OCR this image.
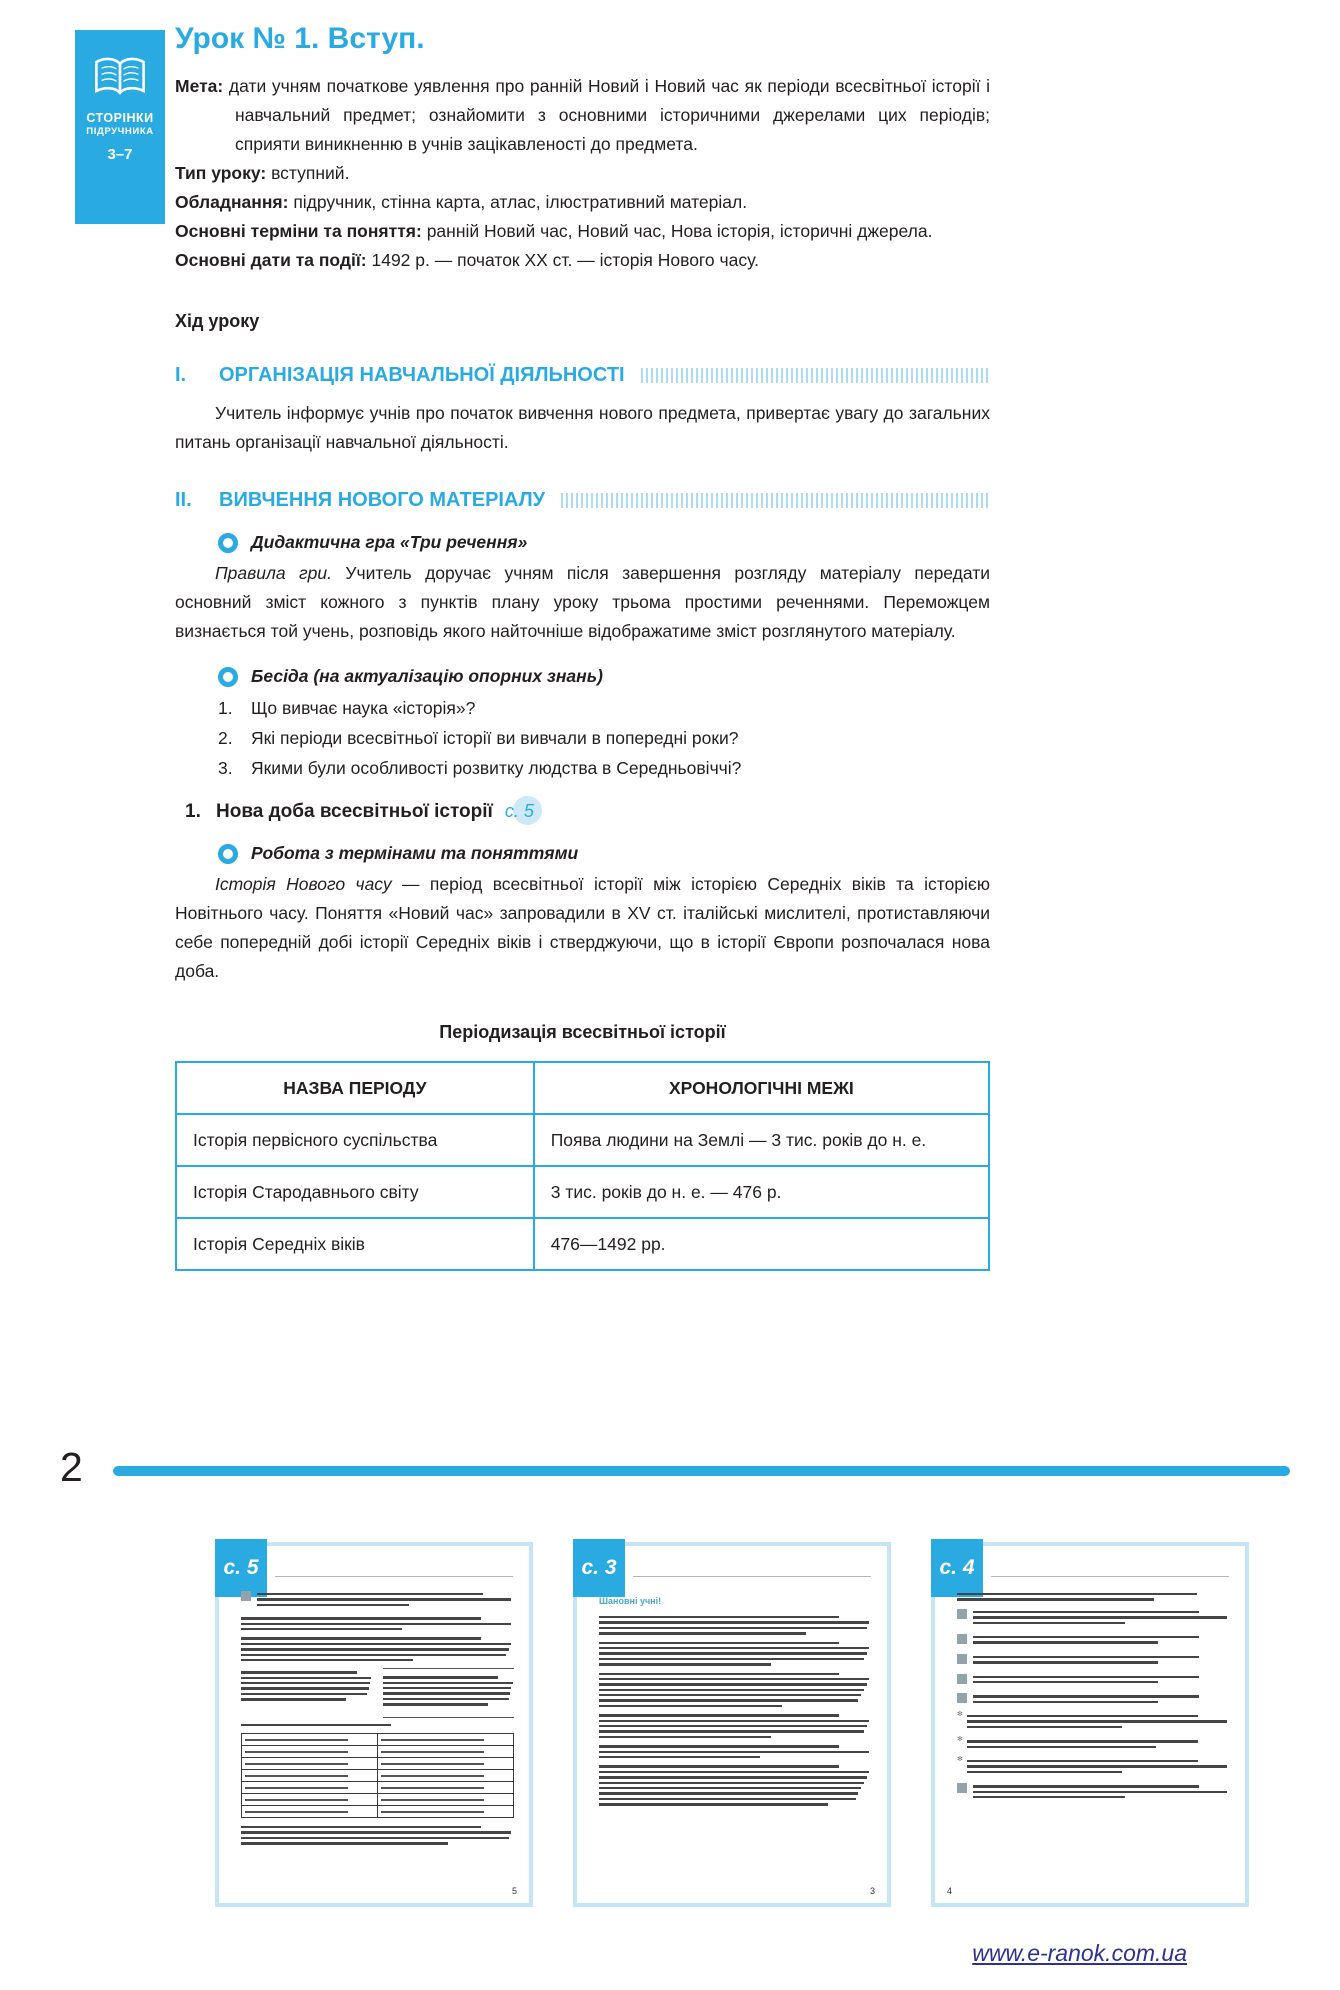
СТОРІНКИ
ПІДРУЧНИКА
3–7
Урок № 1. Вступ.
Мета: дати учням початкове уявлення про ранній Новий і Новий час як періоди всесвітньої історії і навчальний предмет; ознайомити з основними історичними джерелами цих періодів; сприяти виникненню в учнів зацікавленості до предмета.
Тип уроку: вступний.
Обладнання: підручник, стінна карта, атлас, ілюстративний матеріал.
Основні терміни та поняття: ранній Новий час, Новий час, Нова історія, історичні джерела.
Основні дати та події: 1492 р. — початок ХХ ст. — історія Нового часу.
Хід уроку
I.	ОРГАНІЗАЦІЯ НАВЧАЛЬНОЇ ДІЯЛЬНОСТІ

Учитель інформує учнів про початок вивчення нового предмета, привертає увагу до загальних питань організації навчальної діяльності.

II.	ВИВЧЕННЯ НОВОГО МАТЕРІАЛУ
Дидактична гра «Три речення»

Правила гри. Учитель доручає учням після завершення розгляду матеріалу передати основний зміст кожного з пунктів плану уроку трьома простими реченнями. Переможцем визнається той учень, розповідь якого найточніше відображатиме зміст розглянутого матеріалу.

Бесіда (на актуалізацію опорних знань)
1.	Що вивчає наука «історія»?
2.	Які періоди всесвітньої історії ви вивчали в попередні роки?
3.	Якими були особливості розвитку людства в Середньовіччі?
1. Нова доба всесвітньої історії с. 5
Робота з термінами та поняттями

Історія Нового часу — період всесвітньої історії між історією Середніх віків та історією Новітнього часу. Поняття «Новий час» запровадили в XV ст. італійські мислителі, протиставляючи себе попередній добі історії Середніх віків і стверджуючи, що в історії Європи розпочалася нова доба.

Періодизація всесвітньої історії
НАЗВА ПЕРІОДУ	ХРОНОЛОГІЧНІ МЕЖІ
Історія первісного суспільства	Поява людини на Землі — 3 тис. років до н. е.
Історія Стародавнього світу	3 тис. років до н. е. — 476 р.
Історія Середніх віків	476—1492 рр.
2
с. 5

5
с. 3
Шановні учні!
3
с. 4
✻
✻
✻
4
www.e-ranok.com.ua
